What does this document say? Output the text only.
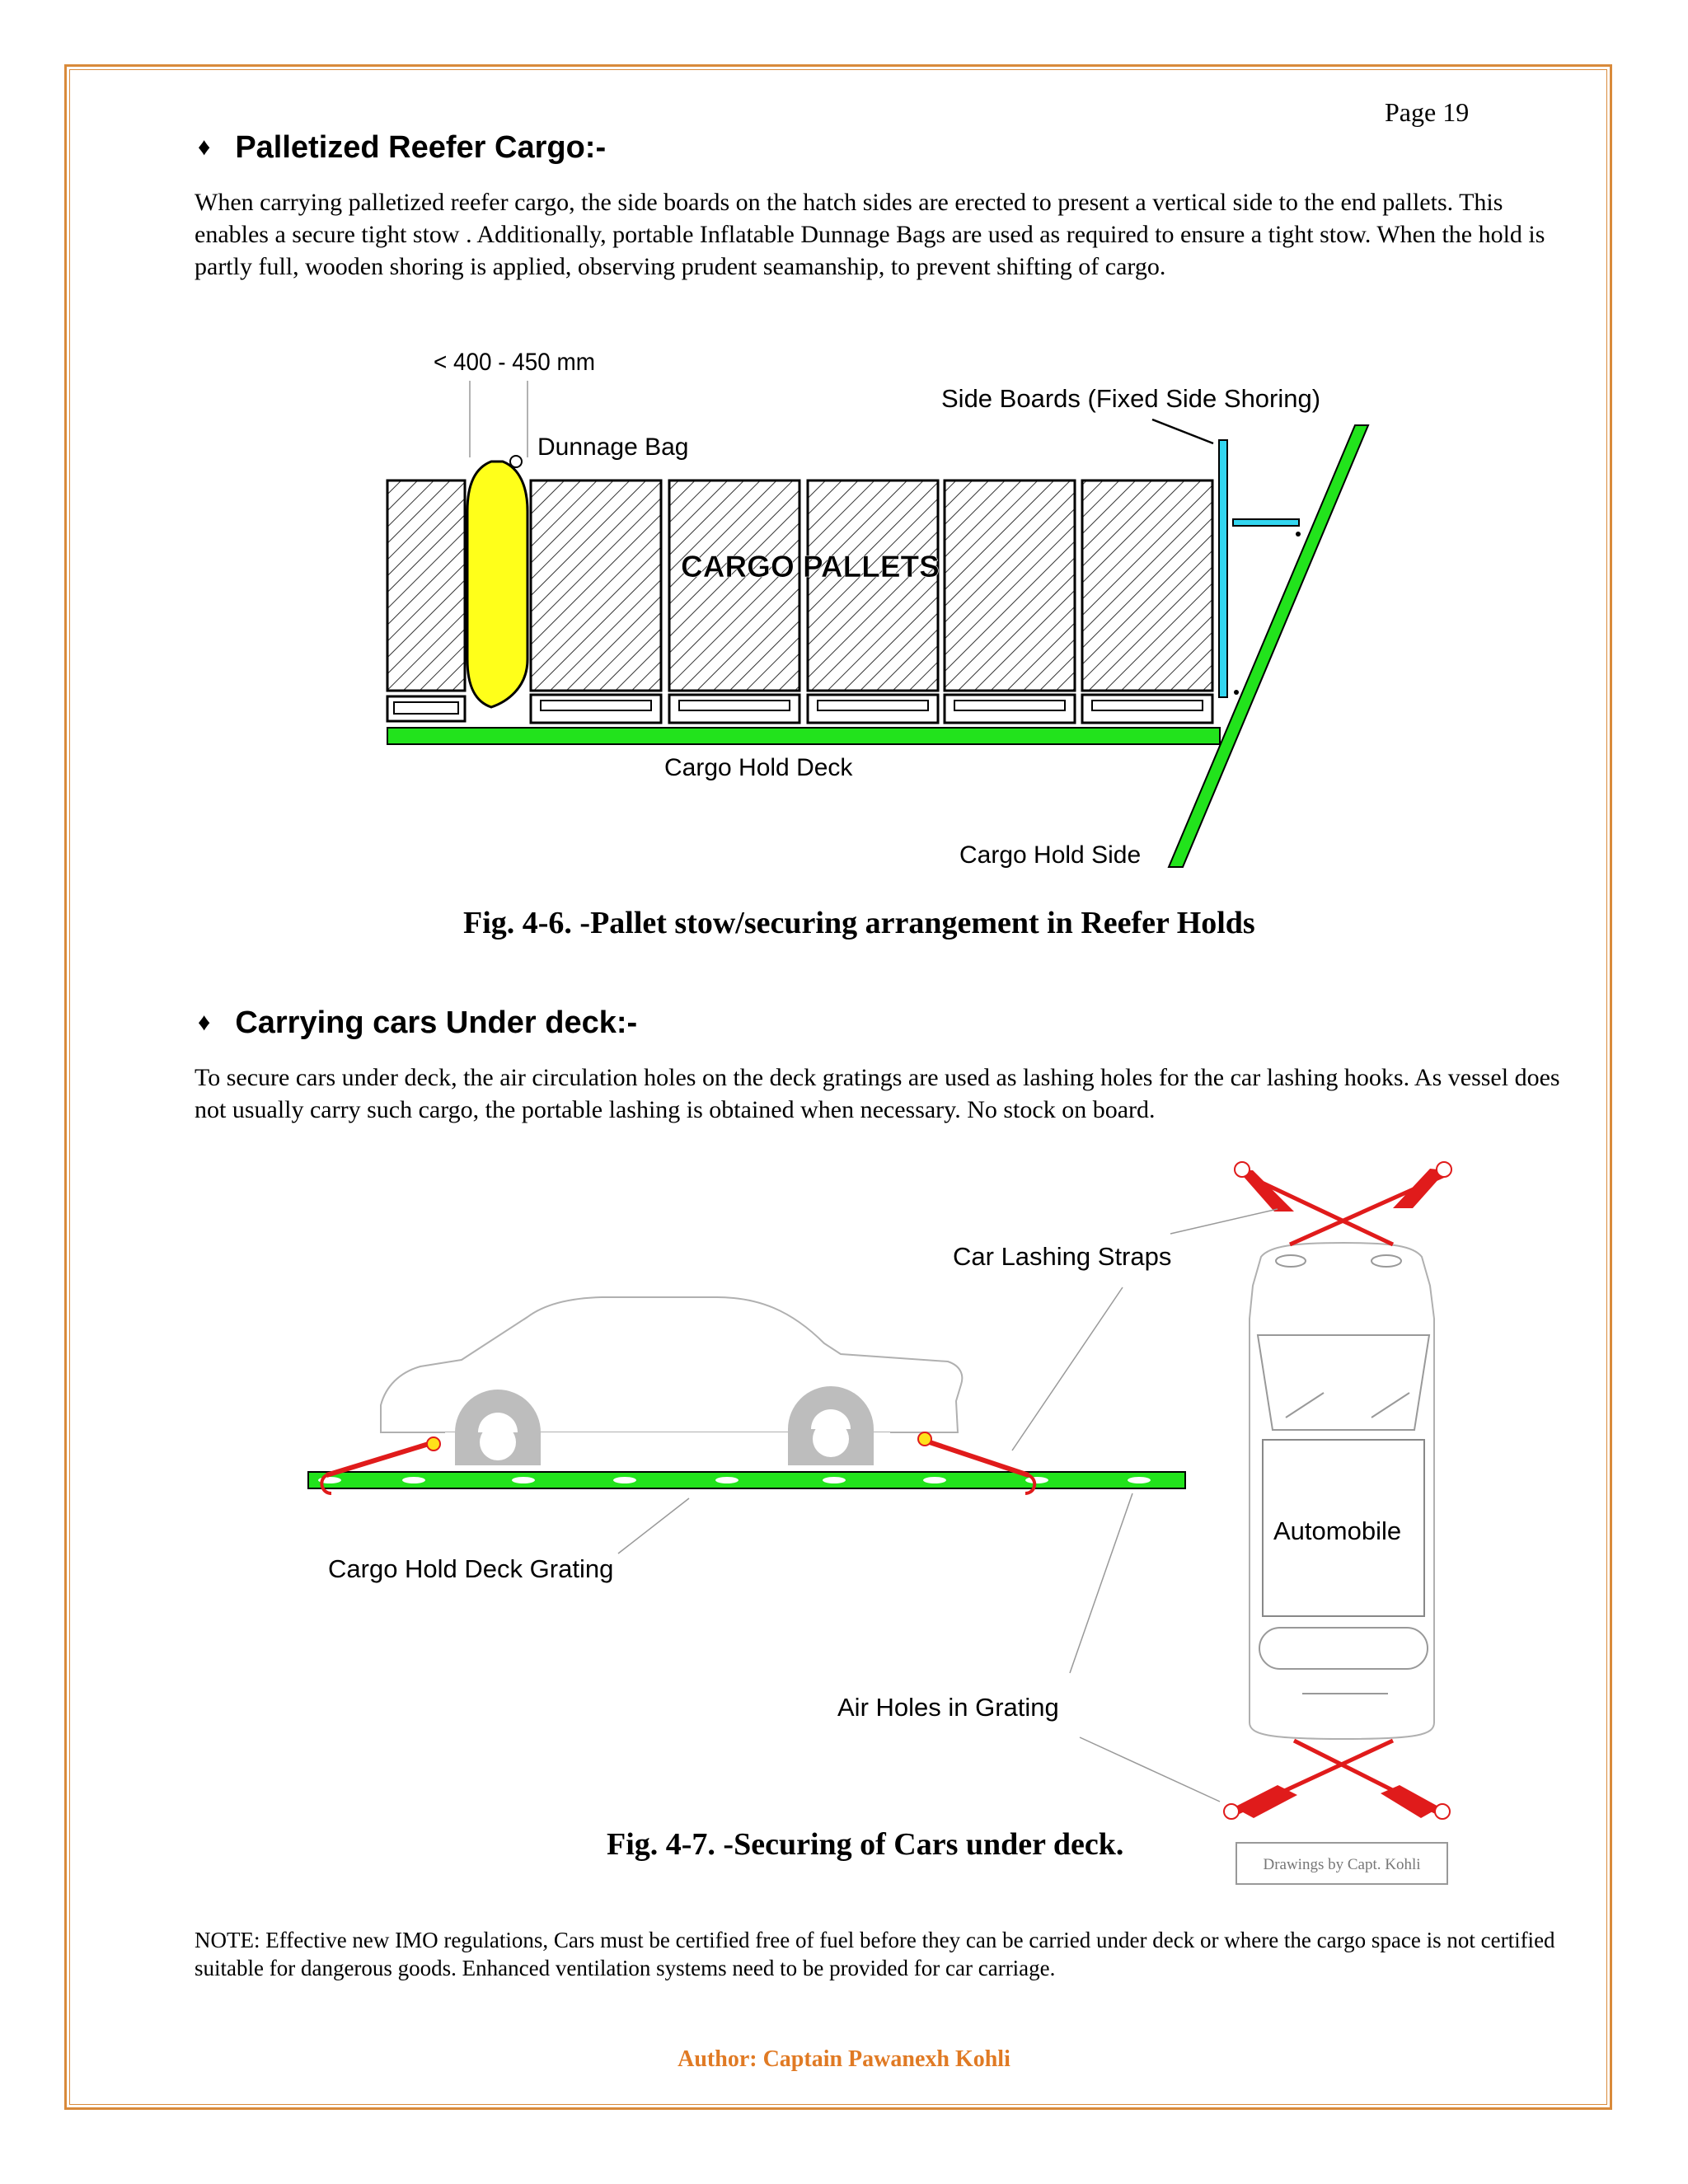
Page 19
♦ Palletized Reefer Cargo:-
When carrying palletized reefer cargo, the side boards on the hatch sides are erected to present a vertical side to the end pallets. This enables a secure tight stow . Additionally, portable Inflatable Dunnage Bags are used as required to ensure a tight stow. When the hold is partly full, wooden shoring is applied, observing prudent seamanship, to prevent shifting of cargo.
< 400 - 450 mm
Dunnage Bag
Side Boards (Fixed Side Shoring)
CARGO PALLETS
Cargo Hold Deck
Cargo Hold Side
Fig. 4-6. -Pallet stow/securing arrangement in Reefer Holds
♦ Carrying cars Under deck:-
To secure cars under deck, the air circulation holes on the deck gratings are used as lashing holes for the car lashing hooks. As vessel does not usually carry such cargo, the portable lashing is obtained when necessary. No stock on board.
Drawings by Capt. Kohli
Car Lashing Straps
Cargo Hold Deck Grating
Air Holes in Grating
Automobile
Fig. 4-7. -Securing of Cars under deck.
NOTE: Effective new IMO regulations, Cars must be certified free of fuel before they can be carried under deck or where the cargo space is not certified suitable for dangerous goods. Enhanced ventilation systems need to be provided for car carriage.
Author: Captain Pawanexh Kohli
